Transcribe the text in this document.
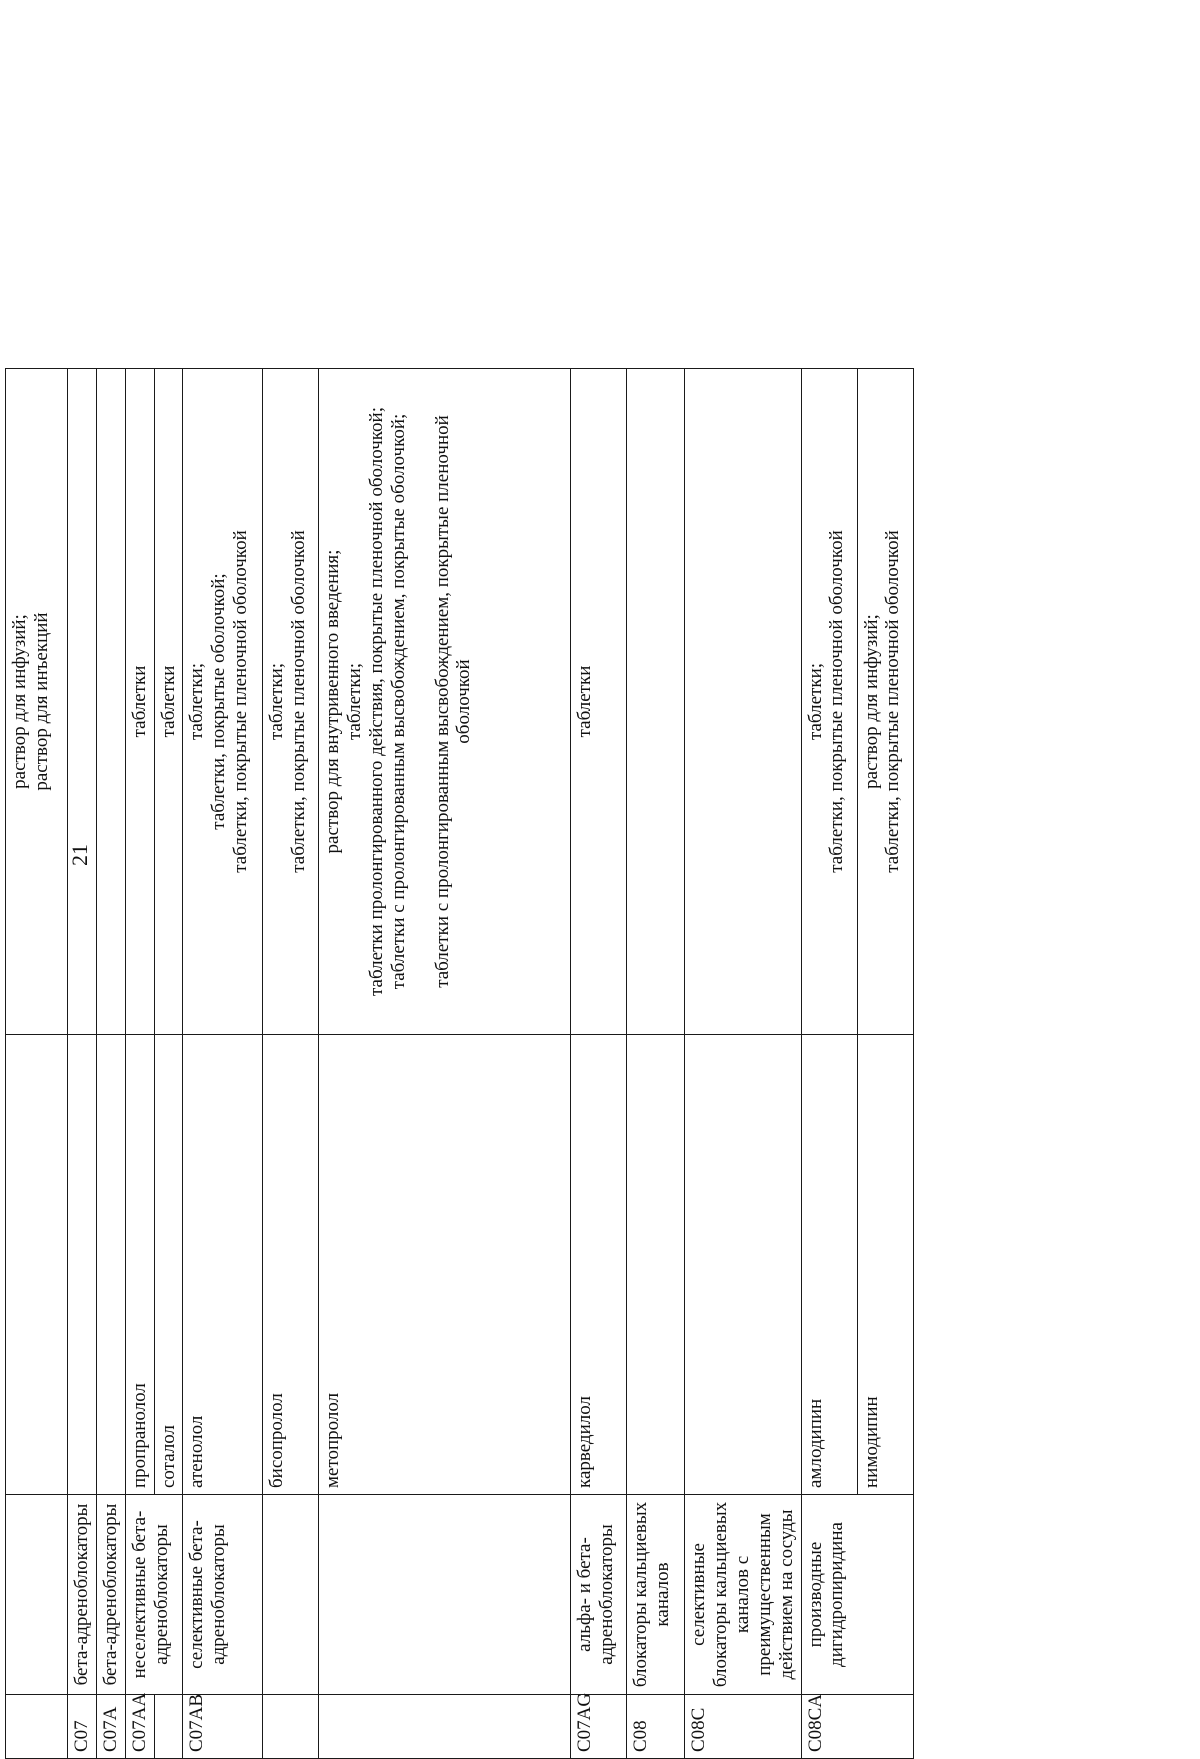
21

			раствор для инфузий; раствор для инъекций

C07	бета-адреноблокаторы		
C07A	бета-адреноблокаторы		
C07AA	неселективные бета-адреноблокаторы	пропранолол	таблетки

		соталол	таблетки

C07AB	селективные бета-адреноблокаторы	атенолол	таблетки; таблетки, покрытые оболочкой; таблетки, покрытые пленочной оболочкой

		бисопролол	таблетки; таблетки, покрытые пленочной оболочкой

		метопролол	раствор для внутривенного введения; таблетки; таблетки пролонгированного действия, покрытые пленочной оболочкой; таблетки с пролонгированным высвобождением, покрытые оболочкой; таблетки с пролонгированным высвобождением, покрытые пленочной оболочкой

C07AG	альфа- и бета-адреноблокаторы	карведилол	таблетки

C08	блокаторы кальциевых каналов		
C08C	селективные блокаторы кальциевых каналов с преимущественным действием на сосуды		
C08CA	производные дигидропиридина	амлодипин	таблетки; таблетки, покрытые пленочной оболочкой

		нимодипин	раствор для инфузий; таблетки, покрытые пленочной оболочкой
